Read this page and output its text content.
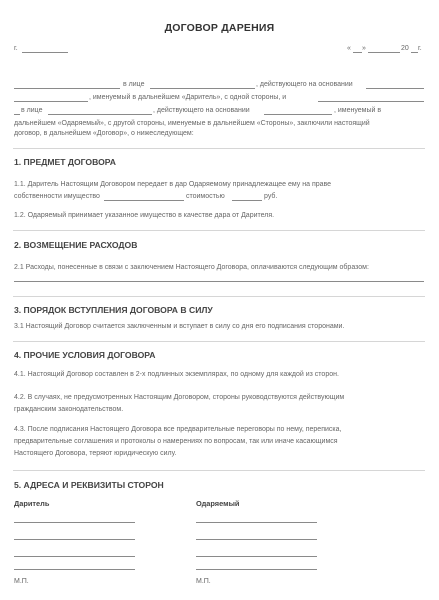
ДОГОВОР ДАРЕНИЯ
г.	« »	20 г.
в лице	, действующего на основании
, именуемый в дальнейшем «Даритель», с одной стороны, и
в лице	, действующего на основании	, именуемый в
дальнейшем «Одаряемый», с другой стороны, именуемые в дальнейшем «Стороны», заключили настоящий
договор, в дальнейшем «Договор», о нижеследующем:
1. ПРЕДМЕТ ДОГОВОРА
1.1. Даритель Настоящим Договором передает в дар Одаряемому принадлежащее ему на праве
собственности имущество	стоимостью	руб.
1.2. Одаряемый принимает указанное имущество в качестве дара от Дарителя.
2. ВОЗМЕЩЕНИЕ РАСХОДОВ
2.1 Расходы, понесенные в связи с заключением Настоящего Договора, оплачиваются следующим образом:
3. ПОРЯДОК ВСТУПЛЕНИЯ ДОГОВОРА В СИЛУ
3.1 Настоящий Договор считается заключенным и вступает в силу со дня его подписания сторонами.
4. ПРОЧИЕ УСЛОВИЯ ДОГОВОРА
4.1. Настоящий Договор составлен в 2-х подлинных экземплярах, по одному для каждой из сторон.
4.2. В случаях, не предусмотренных Настоящим Договором, стороны руководствуются действующим
гражданским законодательством.
4.3. После подписания Настоящего Договора все предварительные переговоры по нему, переписка,
предварительные соглашения и протоколы о намерениях по вопросам, так или иначе касающимся
Настоящего Договора, теряют юридическую силу.
5. АДРЕСА И РЕКВИЗИТЫ СТОРОН
Даритель	Одаряемый
М.П.	М.П.
